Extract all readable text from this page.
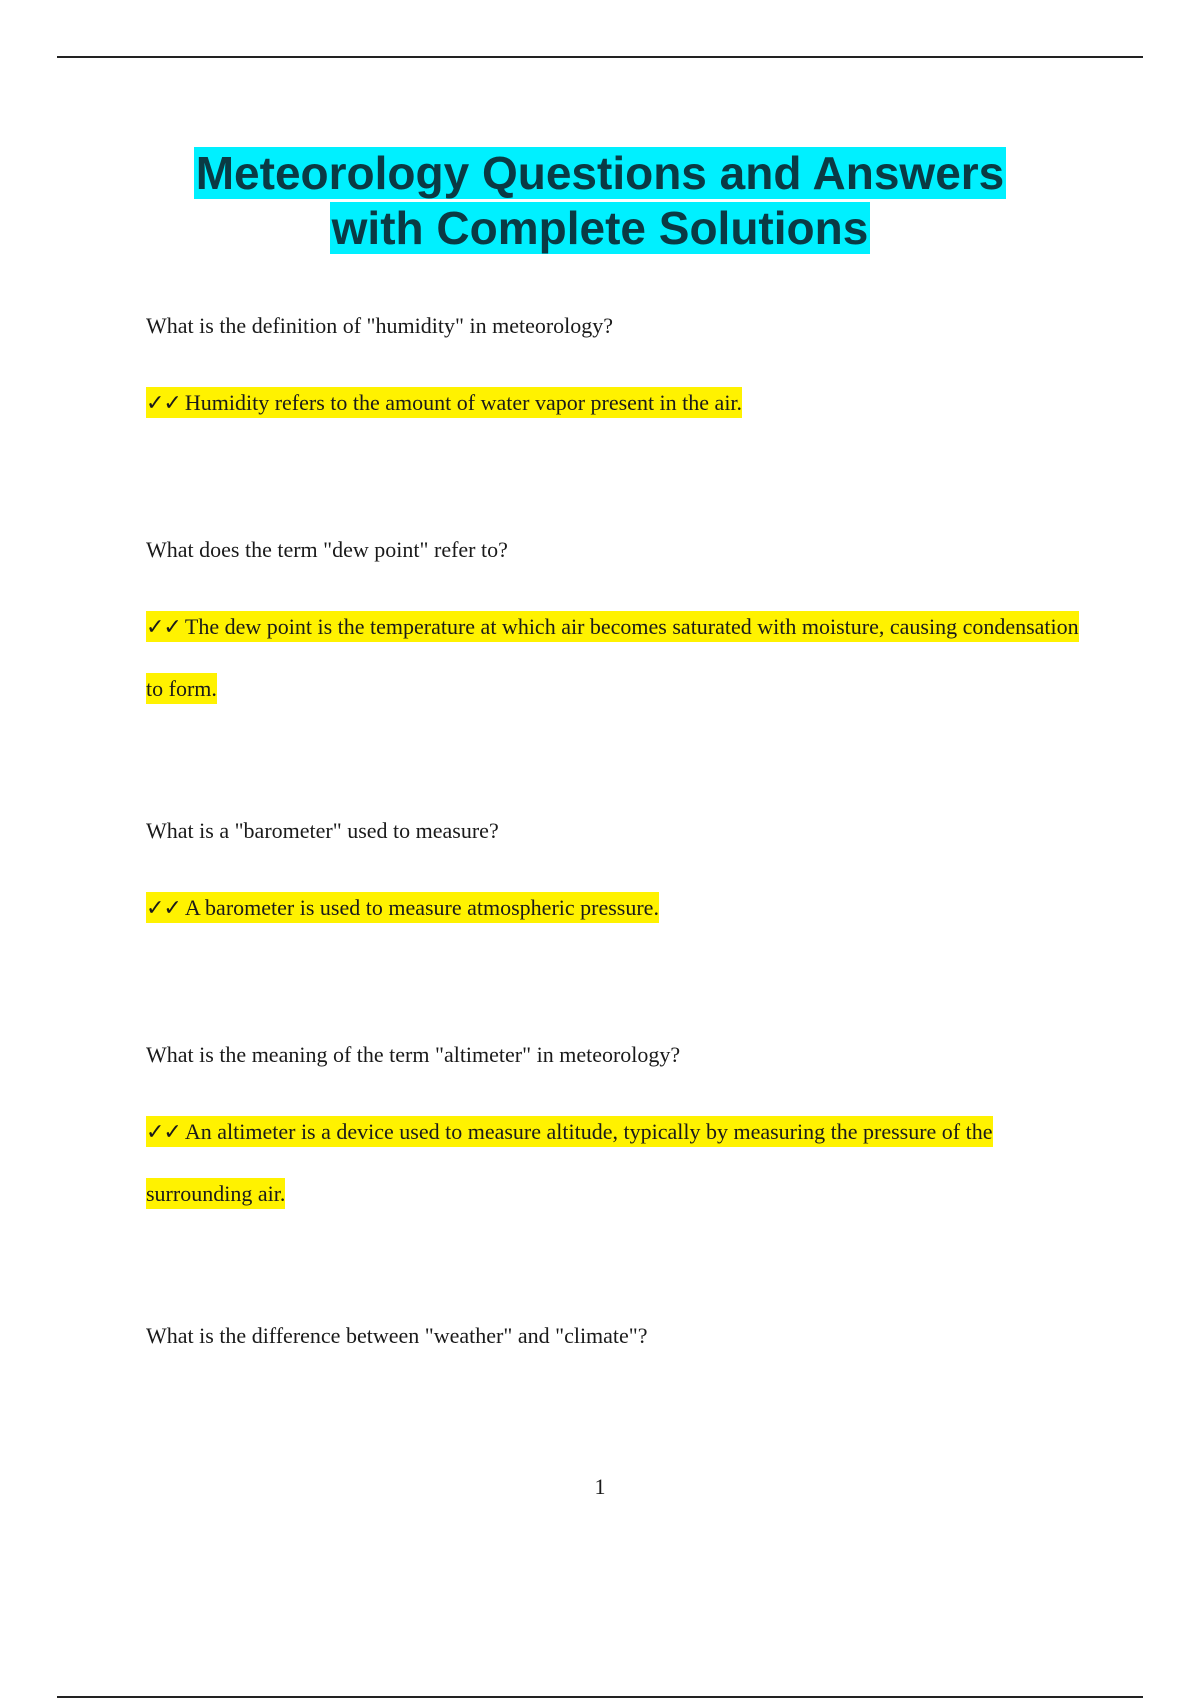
Meteorology Questions and Answers
with Complete Solutions

What is the definition of "humidity" in meteorology?

✓✓ Humidity refers to the amount of water vapor present in the air.

What does the term "dew point" refer to?

✓✓ The dew point is the temperature at which air becomes saturated with moisture, causing condensation to form.

What is a "barometer" used to measure?

✓✓ A barometer is used to measure atmospheric pressure.

What is the meaning of the term "altimeter" in meteorology?

✓✓ An altimeter is a device used to measure altitude, typically by measuring the pressure of the surrounding air.

What is the difference between "weather" and "climate"?

1
